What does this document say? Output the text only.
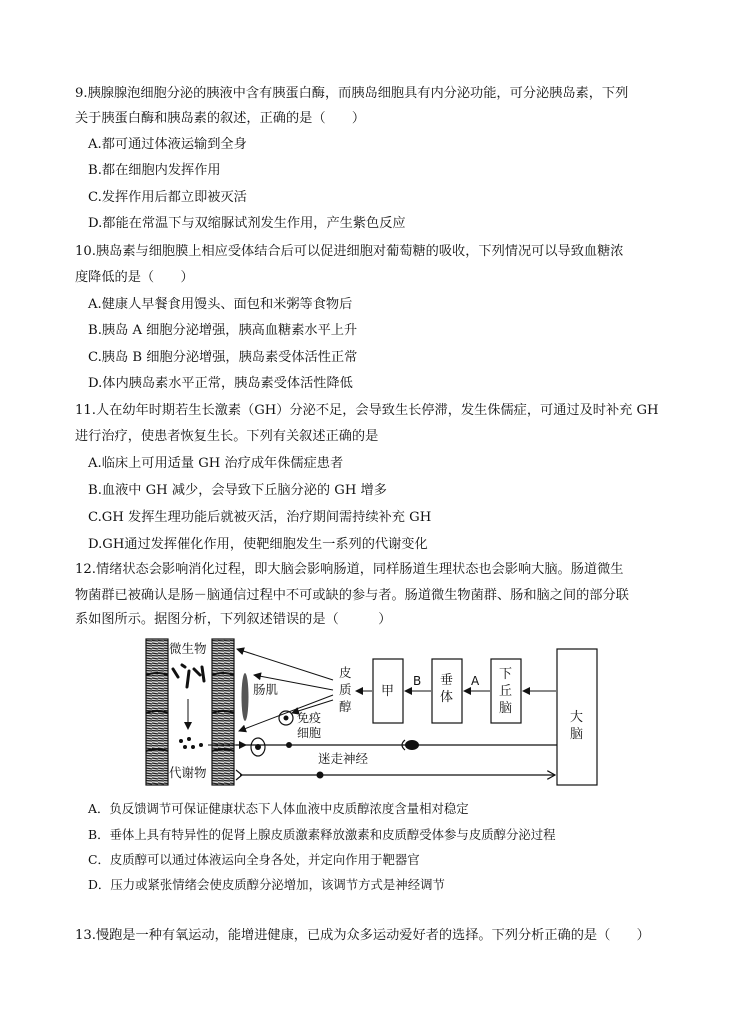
9.胰腺腺泡细胞分泌的胰液中含有胰蛋白酶，而胰岛细胞具有内分泌功能，可分泌胰岛素，下列
关于胰蛋白酶和胰岛素的叙述，正确的是（　　）
A.都可通过体液运输到全身
B.都在细胞内发挥作用
C.发挥作用后都立即被灭活
D.都能在常温下与双缩脲试剂发生作用，产生紫色反应
10.胰岛素与细胞膜上相应受体结合后可以促进细胞对葡萄糖的吸收，下列情况可以导致血糖浓
度降低的是（　　）
A.健康人早餐食用馒头、面包和米粥等食物后
B.胰岛 A 细胞分泌增强，胰高血糖素水平上升
C.胰岛 B 细胞分泌增强，胰岛素受体活性正常
D.体内胰岛素水平正常，胰岛素受体活性降低
11.人在幼年时期若生长激素（GH）分泌不足，会导致生长停滞，发生侏儒症，可通过及时补充 GH
进行治疗，使患者恢复生长。下列有关叙述正确的是
A.临床上可用适量 GH 治疗成年侏儒症患者
B.血液中 GH 减少，会导致下丘脑分泌的 GH 增多
C.GH 发挥生理功能后就被灭活，治疗期间需持续补充 GH
D.GH通过发挥催化作用，使靶细胞发生一系列的代谢变化
12.情绪状态会影响消化过程，即大脑会影响肠道，同样肠道生理状态也会影响大脑。肠道微生
物菌群已被确认是肠－脑通信过程中不可或缺的参与者。肠道微生物菌群、肠和脑之间的部分联
系如图所示。据图分析，下列叙述错误的是（　　　）
微生物
代谢物
肠肌
免疫
细胞
皮
质
醇
甲
B 垂
体
A 下
丘
脑
大
脑
迷走神经
A．负反馈调节可保证健康状态下人体血液中皮质醇浓度含量相对稳定
B．垂体上具有特异性的促肾上腺皮质激素释放激素和皮质醇受体参与皮质醇分泌过程
C．皮质醇可以通过体液运向全身各处，并定向作用于靶器官
D．压力或紧张情绪会使皮质醇分泌增加，该调节方式是神经调节
13.慢跑是一种有氧运动，能增进健康，已成为众多运动爱好者的选择。下列分析正确的是（　　）
